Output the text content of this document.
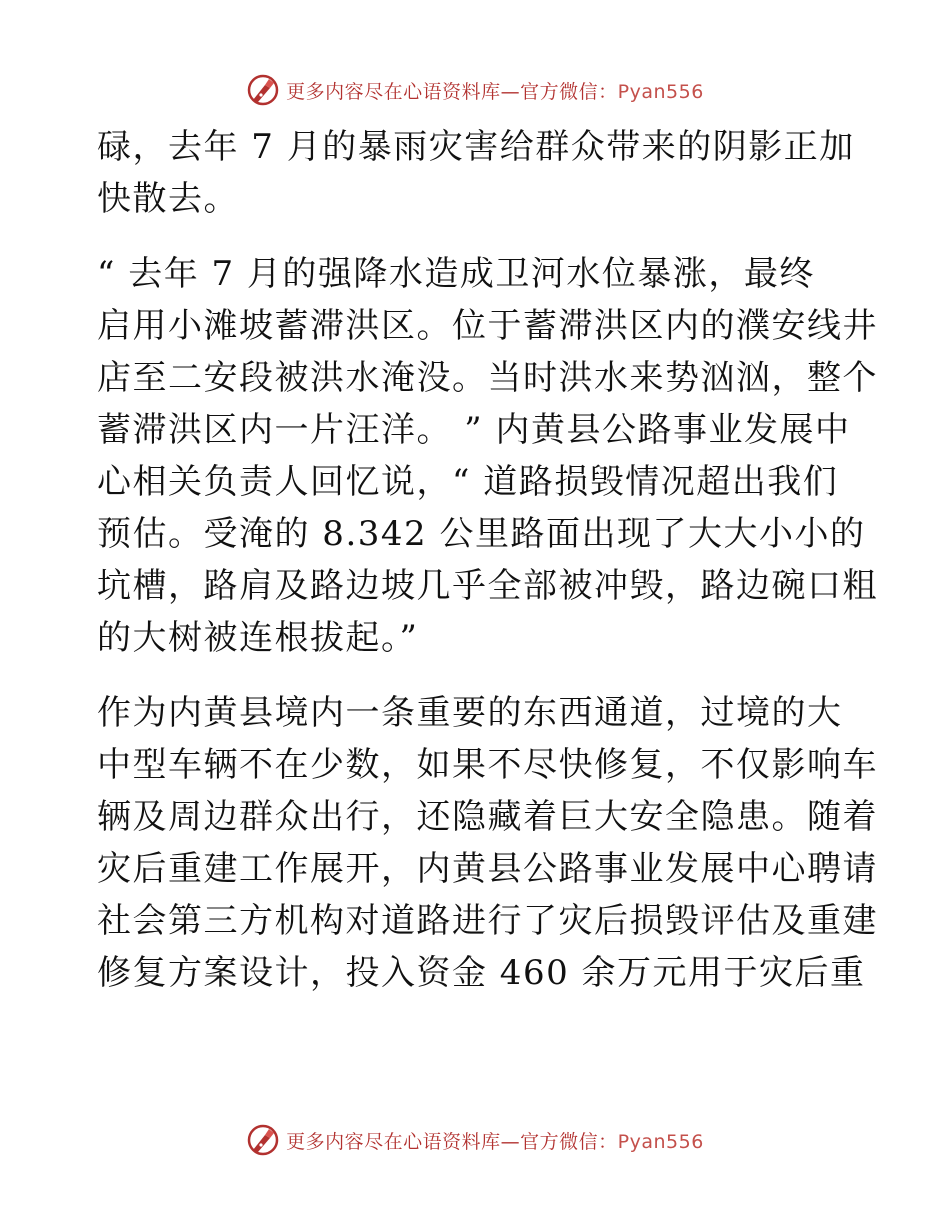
更多内容尽在心语资料库—官方微信：Pyan556

碌，去年 7 月的暴雨灾害给群众带来的阴影正加
快散去。

“ 去年 7 月的强降水造成卫河水位暴涨，最终
启用小滩坡蓄滞洪区。位于蓄滞洪区内的濮安线井
店至二安段被洪水淹没。当时洪水来势汹汹，整个
蓄滞洪区内一片汪洋。 ” 内黄县公路事业发展中
心相关负责人回忆说，“ 道路损毁情况超出我们
预估。受淹的 8.342 公里路面出现了大大小小的
坑槽，路肩及路边坡几乎全部被冲毁，路边碗口粗
的大树被连根拔起。”

作为内黄县境内一条重要的东西通道，过境的大
中型车辆不在少数，如果不尽快修复，不仅影响车
辆及周边群众出行，还隐藏着巨大安全隐患。随着
灾后重建工作展开，内黄县公路事业发展中心聘请
社会第三方机构对道路进行了灾后损毁评估及重建
修复方案设计，投入资金 460 余万元用于灾后重

更多内容尽在心语资料库—官方微信：Pyan556
